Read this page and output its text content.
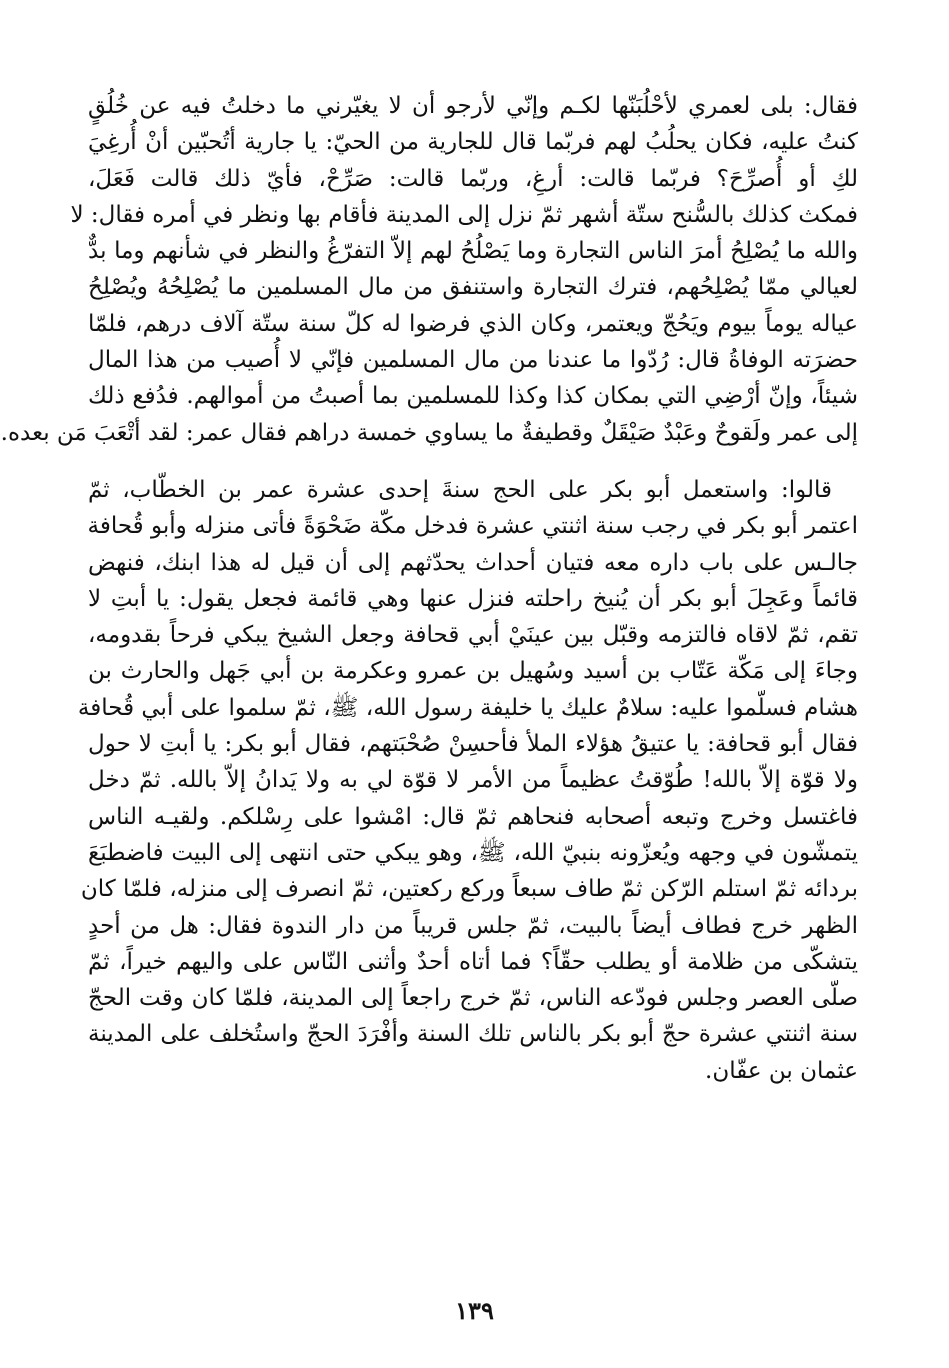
فقال: بلى لعمري لأحْلُبَنّها لكـم وإنّي لأرجو أن لا يغيّرني ما دخلتُ فيه عن خُلُقٍ
كنتُ عليه، فكان يحلُبُ لهم فربّما قال للجارية من الحيّ: يا جارية أتُحبّين أنْ أُرغِيَ
لكِ أو أُصرِّحَ؟ فربّما قالت: أرغِ، وربّما قالت: صَرِّحْ، فأيّ ذلك قالت فَعَلَ،
فمكث كذلك بالسُّنح ستّة أشهر ثمّ نزل إلى المدينة فأقام بها ونظر في أمره فقال: لا
والله ما يُصْلِحُ أمرَ الناس التجارة وما يَصْلُحُ لهم إلاّ التفرّغُ والنظر في شأنهم وما بدٌّ
لعيالي ممّا يُصْلِحُهم، فترك التجارة واستنفق من مال المسلمين ما يُصْلِحُهُ ويُصْلِحُ
عياله يوماً بيوم ويَحُجّ ويعتمر، وكان الذي فرضوا له كلّ سنة ستّة آلاف درهم، فلمّا
حضرَته الوفاةُ قال: رُدّوا ما عندنا من مال المسلمين فإنّي لا أُصيب من هذا المال
شيئاً، وإنّ أرْضِي التي بمكان كذا وكذا للمسلمين بما أصبتُ من أموالهم. فدُفع ذلك
إلى عمر ولَقوحٌ وعَبْدٌ صَيْقَلٌ وقطيفةٌ ما يساوي خمسة دراهم فقال عمر: لقد أتْعَبَ مَن بعده.
قالوا: واستعمل أبو بكر على الحج سنةَ إحدى عشرة عمر بن الخطّاب، ثمّ
اعتمر أبو بكر في رجب سنة اثنتي عشرة فدخل مكّة ضَحْوَةً فأتى منزله وأبو قُحافة
جالـس على باب داره معه فتيان أحداث يحدّثهم إلى أن قيل له هذا ابنك، فنهض
قائماً وعَجِلَ أبو بكر أن يُنيخ راحلته فنزل عنها وهي قائمة فجعل يقول: يا أبتِ لا
تقم، ثمّ لاقاه فالتزمه وقبّل بين عينَيْ أبي قحافة وجعل الشيخ يبكي فرحاً بقدومه،
وجاءَ إلى مَكّة عَتّاب بن أسيد وسُهيل بن عمرو وعكرمة بن أبي جَهل والحارث بن
هشام فسلّموا عليه: سلامٌ عليك يا خليفة رسول الله، ﷺ، ثمّ سلموا على أبي قُحافة
فقال أبو قحافة: يا عتيقُ هؤلاء الملأ فأحسِنْ صُحْبَتهم، فقال أبو بكر: يا أبتِ لا حول
ولا قوّة إلاّ بالله! طُوّقتُ عظيماً من الأمر لا قوّة لي به ولا يَدانُ إلاّ بالله. ثمّ دخل
فاغتسل وخرج وتبعه أصحابه فنحاهم ثمّ قال: امْشوا على رِسْلكم. ولقيـه الناس
يتمشّون في وجهه ويُعزّونه بنبيّ الله، ﷺ، وهو يبكي حتى انتهى إلى البيت فاضطبَعَ
بردائه ثمّ استلم الرّكن ثمّ طاف سبعاً وركع ركعتين، ثمّ انصرف إلى منزله، فلمّا كان
الظهر خرج فطاف أيضاً بالبيت، ثمّ جلس قريباً من دار الندوة فقال: هل من أحدٍ
يتشكّى من ظلامة أو يطلب حقّاً؟ فما أتاه أحدٌ وأثنى النّاس على واليهم خيراً، ثمّ
صلّى العصر وجلس فودّعه الناس، ثمّ خرج راجعاً إلى المدينة، فلمّا كان وقت الحجّ
سنة اثنتي عشرة حجّ أبو بكر بالناس تلك السنة وأفْرَدَ الحجّ واستُخلف على المدينة
عثمان بن عفّان.
١٣٩
